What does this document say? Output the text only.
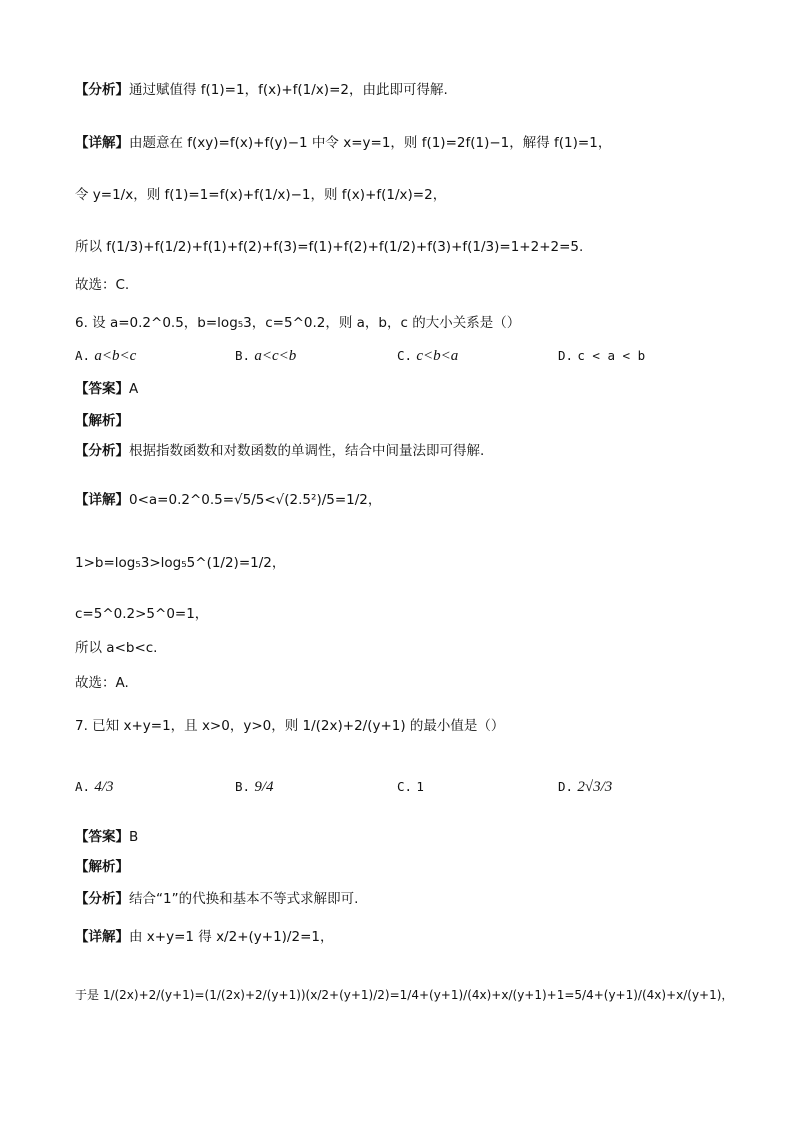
【分析】通过赋值得 f(1)=1，f(x)+f(1/x)=2，由此即可得解.
【详解】由题意在 f(xy)=f(x)+f(y)−1 中令 x=y=1，则 f(1)=2f(1)−1，解得 f(1)=1，
令 y=1/x，则 f(1)=1=f(x)+f(1/x)−1，则 f(x)+f(1/x)=2，
所以 f(1/3)+f(1/2)+f(1)+f(2)+f(3)=f(1)+f(2)+f(1/2)+f(3)+f(1/3)=1+2+2=5.
故选：C.
6. 设 a=0.2^0.5，b=log₅3，c=5^0.2，则 a，b，c 的大小关系是（）
A. a<b<c	B. a<c<b	C. c<b<a	D. c < a < b
【答案】A
【解析】
【分析】根据指数函数和对数函数的单调性，结合中间量法即可得解.
【详解】0<a=0.2^0.5=√5/5<√(2.5²)/5=1/2，
1>b=log₅3>log₅5^(1/2)=1/2，
c=5^0.2>5^0=1，
所以 a<b<c.
故选：A.
7. 已知 x+y=1，且 x>0，y>0，则 1/(2x)+2/(y+1) 的最小值是（）
A. 4/3	B. 9/4	C. 1	D. 2√3/3
【答案】B
【解析】
【分析】结合“1”的代换和基本不等式求解即可.
【详解】由 x+y=1 得 x/2+(y+1)/2=1，
于是 1/(2x)+2/(y+1)=(1/(2x)+2/(y+1))(x/2+(y+1)/2)=1/4+(y+1)/(4x)+x/(y+1)+1=5/4+(y+1)/(4x)+x/(y+1)，
